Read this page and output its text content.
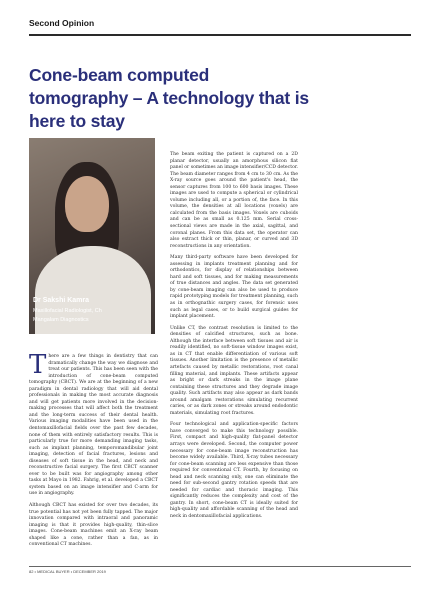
Second Opinion
Cone-beam computed tomography – A technology that is here to stay
Dr Sakshi Kamra
Maxillofacial Radiologist, Ch
Mangalam Diagnostics

There are a few things in dentistry that can dramatically change the way we diagnose and treat our patients. This has been seen with the introduction of cone-beam computed tomography (CBCT). We are at the beginning of a new paradigm in dental radiology that will aid dental professionals in making the most accurate diagnosis and will get patients more involved in the decision-making processes that will affect both the treatment and the long-term success of their dental health. Various imaging modalities have been used in the dentomaxillofacial fields over the past few decades, none of them with entirely satisfactory results. This is particularly true for more demanding imaging tasks, such as implant planning, temporomandibular joint imaging, detection of facial fractures, lesions and diseases of soft tissue in the head, and neck and reconstructive facial surgery. The first CBCT scanner ever to be built was for angiography among other tasks at Mayo in 1982. Fahrig, et al. developed a CBCT system based on an image intensifier and C-arm for use in angiography.

Although CBCT has existed for over two decades, its true potential has not yet been fully tapped. The major innovation compared with intraoral and panoramic imaging is that it provides high-quality, thin-slice images. Cone-beam machines emit an X-ray beam shaped like a cone, rather than a fan, as in conventional CT machines.

The beam exiting the patient is captured on a 2D planar detector, usually an amorphous silicon flat panel or sometimes an image intensifier/CCD detector. The beam diameter ranges from 4 cm to 30 cm. As the X-ray source goes around the patient's head, the sensor captures from 100 to 600 basis images. These images are used to compute a spherical or cylindrical volume including all, or a portion of, the face. In this volume, the densities at all locations (voxels) are calculated from the basis images. Voxels are cuboids and can be as small as 0.125 mm. Serial cross-sectional views are made in the axial, sagittal, and coronal planes. From this data set, the operator can also extract thick or thin, planar, or curved and 3D reconstructions in any orientation.

Many third-party software have been developed for assessing in implants treatment planning and for orthodontics, for display of relationships between hard and soft tissues, and for making measurements of true distances and angles. The data set generated by cone-beam imaging can also be used to produce rapid prototyping models for treatment planning, such as in orthognathic surgery cases, for forensic uses such as legal cases, or to build surgical guides for implant placement.

Unlike CT, the contrast resolution is limited to the densities of calcified structures, such as bone. Although the interface between soft tissues and air is readily identified, no soft-tissue window images exist, as in CT that enable differentiation of various soft tissues. Another limitation is the presence of metallic artefacts caused by metallic restorations, root canal filling material, and implants. These artifacts appear as bright or dark streaks in the image plane containing these structures and they degrade image quality. Such artifacts may also appear as dark bands around amalgam restorations simulating recurrent caries, or as dark zones or streaks around endodontic materials, simulating root fractures.

Four technological and application-specific factors have converged to make this technology possible. First, compact and high-quality flat-panel detector arrays were developed. Second, the computer power necessary for cone-beam image reconstruction has become widely available. Third, X-ray tubes necessary for cone-beam scanning are less expensive than those required for conventional CT. Fourth, by focusing on head and neck scanning only, one can eliminate the need for sub-second gantry rotation speeds that are needed for cardiac and thoracic imaging. This significantly reduces the complexity and cost of the gantry. In short, cone-beam CT is ideally suited for high-quality and affordable scanning of the head and neck in dentomaxillofacial applications.

82 • MEDICAL BUYER • DECEMBER 2019
